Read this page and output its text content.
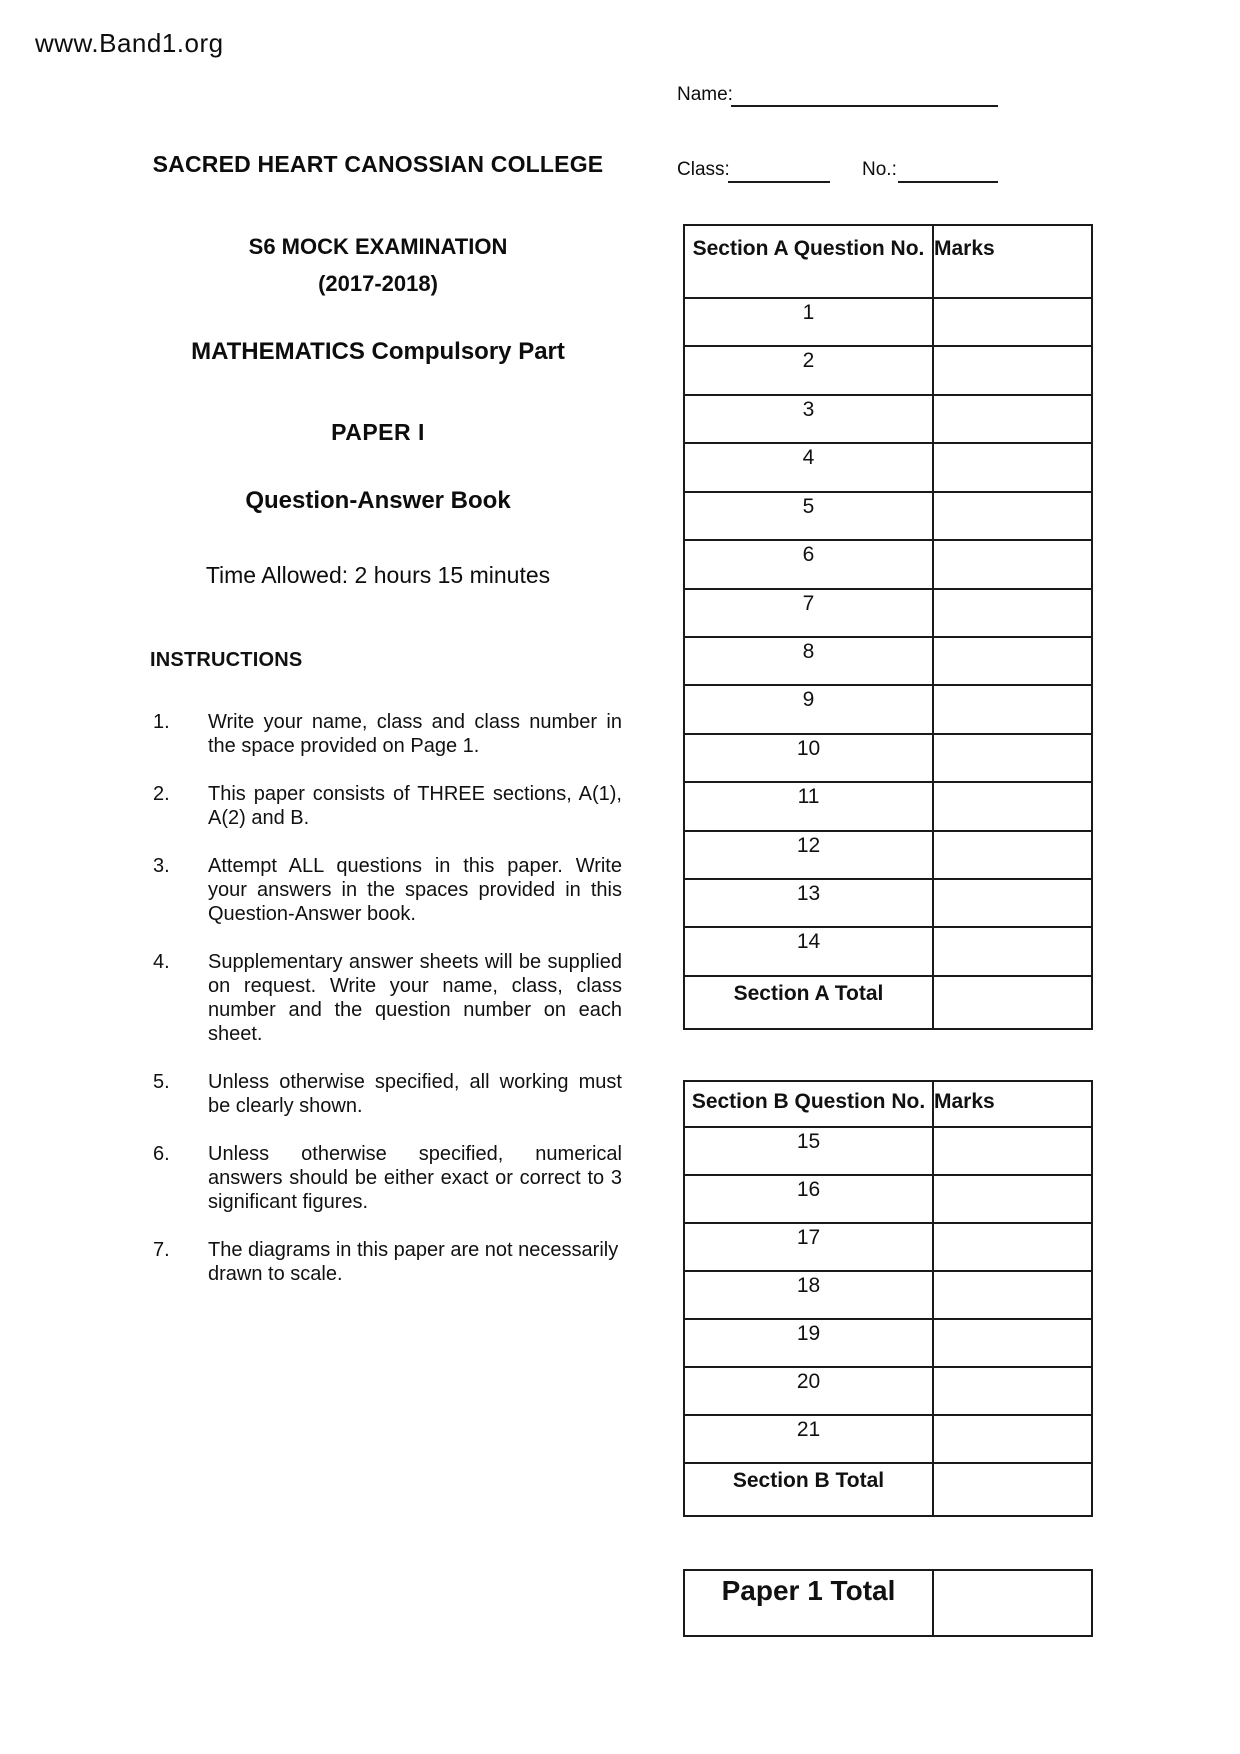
www.Band1.org
Name:
Class:	No.:
SACRED HEART CANOSSIAN COLLEGE
S6 MOCK EXAMINATION
(2017-2018)
MATHEMATICS Compulsory Part
PAPER I
Question-Answer Book
Time Allowed: 2 hours 15 minutes
INSTRUCTIONS
1.	Write your name, class and class number in the space provided on Page 1.
2.	This paper consists of THREE sections, A(1), A(2) and B.
3.	Attempt ALL questions in this paper. Write your answers in the spaces provided in this Question-Answer book.
4.	Supplementary answer sheets will be supplied on request. Write your name, class, class number and the question number on each sheet.
5.	Unless otherwise specified, all working must be clearly shown.
6.	Unless otherwise specified, numerical answers should be either exact or correct to 3 significant figures.
7.	The diagrams in this paper are not necessarily drawn to scale.
Section A Question No. Marks
1
2
3
4
5
6
7
8
9
10
11
12
13
14
Section A Total
Section B Question No. Marks
15
16
17
18
19
20
21
Section B Total
Paper 1 Total
